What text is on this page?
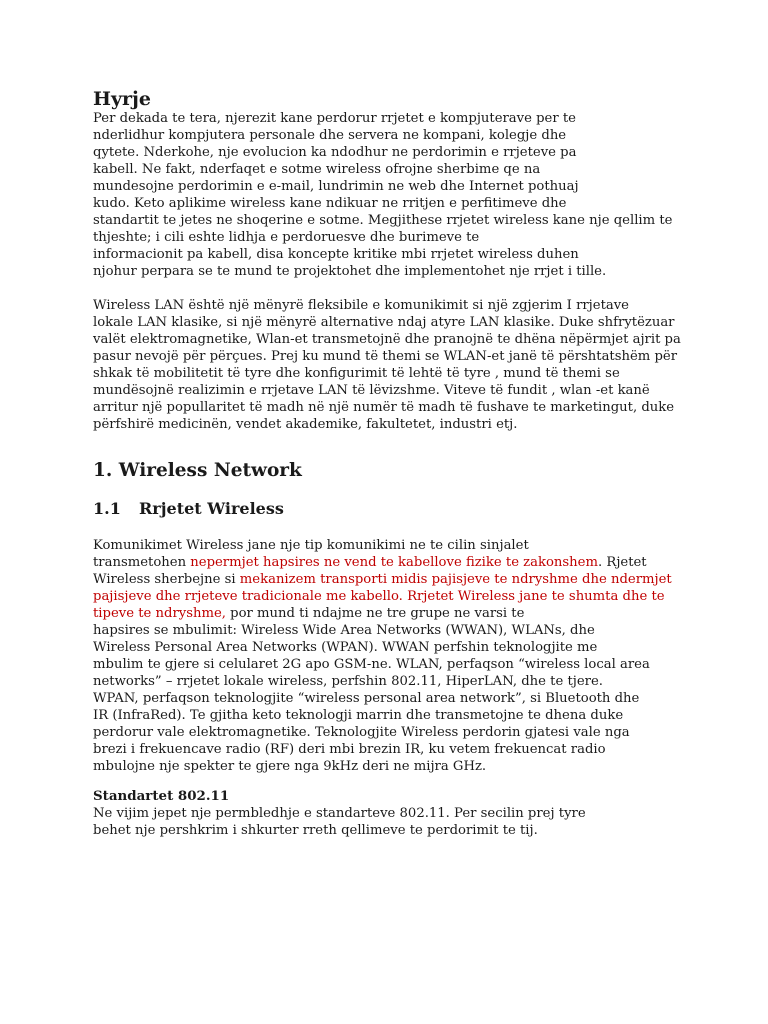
Hyrje

Per dekada te tera, njerezit kane perdorur rrjetet e kompjuterave per te
nderlidhur kompjutera personale dhe servera ne kompani, kolegje dhe
qytete. Nderkohe, nje evolucion ka ndodhur ne perdorimin e rrjeteve pa
kabell. Ne fakt, nderfaqet e sotme wireless ofrojne sherbime qe na
mundesojne perdorimin e e-mail, lundrimin ne web dhe Internet pothuaj
kudo. Keto aplikime wireless kane ndikuar ne rritjen e perfitimeve dhe
standartit te jetes ne shoqerine e sotme. Megjithese rrjetet wireless kane nje qellim te
thjeshte; i cili eshte lidhja e perdoruesve dhe burimeve te
informacionit pa kabell, disa koncepte kritike mbi rrjetet wireless duhen
njohur perpara se te mund te projektohet dhe implementohet nje rrjet i tille.

Wireless LAN është një mënyrë fleksibile e komunikimit si një zgjerim I rrjetave
lokale LAN klasike, si një mënyrë alternative ndaj atyre LAN klasike. Duke shfrytëzuar
valët elektromagnetike, Wlan-et transmetojnë dhe pranojnë te dhëna nëpërmjet ajrit pa
pasur nevojë për përçues. Prej ku mund të themi se WLAN-et janë të përshtatshëm për
shkak të mobilitetit të tyre dhe konfigurimit të lehtë të tyre , mund të themi se
mundësojnë realizimin e rrjetave LAN të lëvizshme. Viteve të fundit , wlan -et kanë
arritur një popullaritet të madh në një numër të madh të fushave te marketingut, duke
përfshirë medicinën, vendet akademike, fakultetet, industri etj.

1. Wireless Network
1.1 Rrjetet Wireless

Komunikimet Wireless jane nje tip komunikimi ne te cilin sinjalet
transmetohen nepermjet hapsires ne vend te kabellove fizike te zakonshem. Rjetet
Wireless sherbejne si mekanizem transporti midis pajisjeve te ndryshme dhe ndermjet
pajisjeve dhe rrjeteve tradicionale me kabello. Rrjetet Wireless jane te shumta dhe te
tipeve te ndryshme, por mund ti ndajme ne tre grupe ne varsi te
hapsires se mbulimit: Wireless Wide Area Networks (WWAN), WLANs, dhe
Wireless Personal Area Networks (WPAN). WWAN perfshin teknologjite me
mbulim te gjere si celularet 2G apo GSM-ne. WLAN, perfaqson “wireless local area
networks” – rrjetet lokale wireless, perfshin 802.11, HiperLAN, dhe te tjere.
WPAN, perfaqson teknologjite “wireless personal area network”, si Bluetooth dhe
IR (InfraRed). Te gjitha keto teknologji marrin dhe transmetojne te dhena duke
perdorur vale elektromagnetike. Teknologjite Wireless perdorin gjatesi vale nga
brezi i frekuencave radio (RF) deri mbi brezin IR, ku vetem frekuencat radio
mbulojne nje spekter te gjere nga 9kHz deri ne mijra GHz.

Standartet 802.11

Ne vijim jepet nje permbledhje e standarteve 802.11. Per secilin prej tyre
behet nje pershkrim i shkurter rreth qellimeve te perdorimit te tij.
